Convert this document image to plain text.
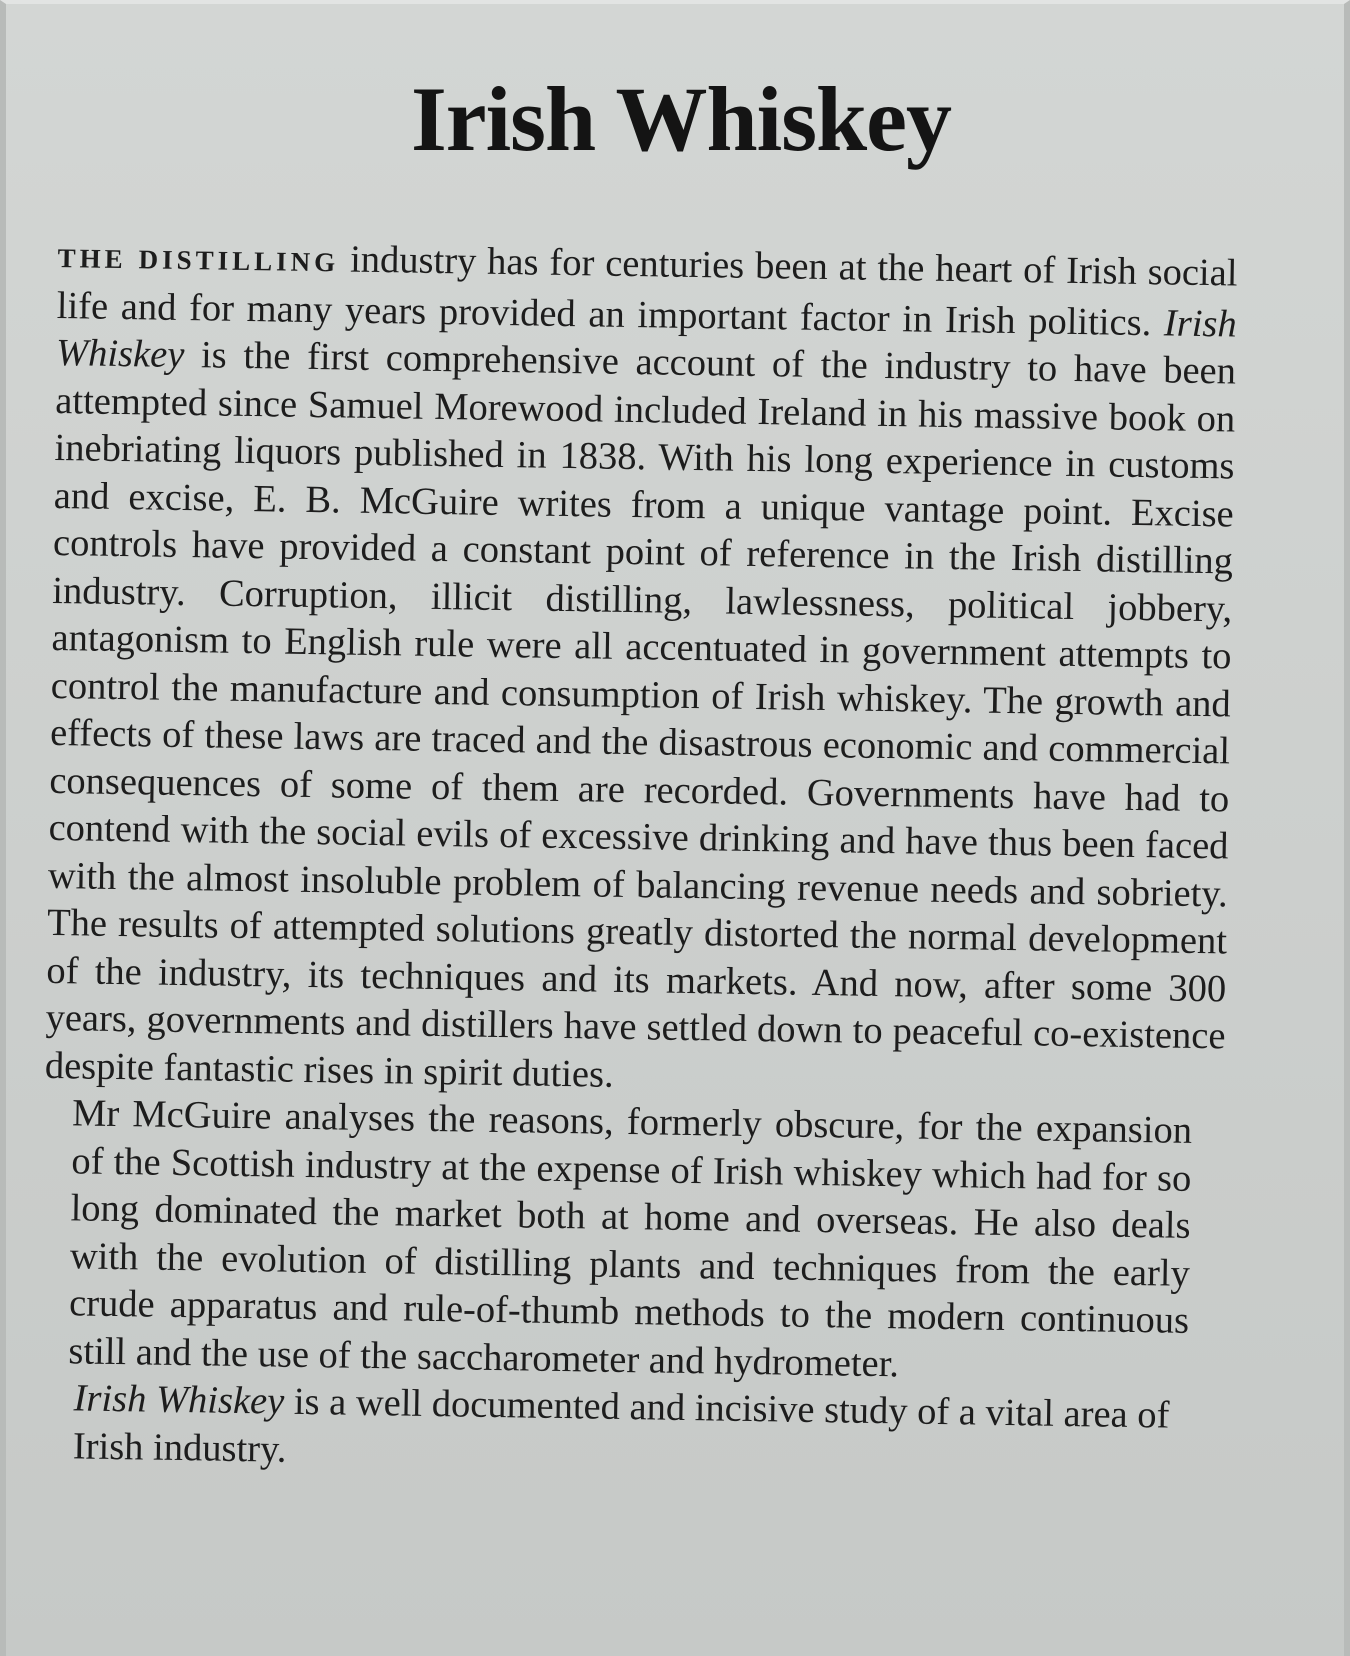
Irish Whiskey

THE DISTILLING industry has for centuries been at the heart of Irish social life and for many years provided an important factor in Irish politics. Irish Whiskey is the first comprehensive account of the industry to have been attempted since Samuel Morewood included Ireland in his massive book on inebriating liquors published in 1838. With his long experience in customs and excise, E. B. McGuire writes from a unique vantage point. Excise controls have provided a constant point of reference in the Irish distilling industry. Corruption, illicit distilling, lawlessness, political jobbery, antagonism to English rule were all accentuated in government attempts to control the manufacture and consumption of Irish whiskey. The growth and effects of these laws are traced and the disastrous economic and commercial consequences of some of them are recorded. Governments have had to contend with the social evils of excessive drinking and have thus been faced with the almost insoluble problem of balancing revenue needs and sobriety. The results of attempted solutions greatly distorted the normal development of the industry, its techniques and its markets. And now, after some 300 years, governments and distillers have settled down to peaceful co-existence despite fantastic rises in spirit duties.

Mr McGuire analyses the reasons, formerly obscure, for the expansion of the Scottish industry at the expense of Irish whiskey which had for so long dominated the market both at home and overseas. He also deals with the evolution of distilling plants and techniques from the early crude apparatus and rule-of-thumb methods to the modern continuous still and the use of the saccharometer and hydrometer.

Irish Whiskey is a well documented and incisive study of a vital area of Irish industry.
